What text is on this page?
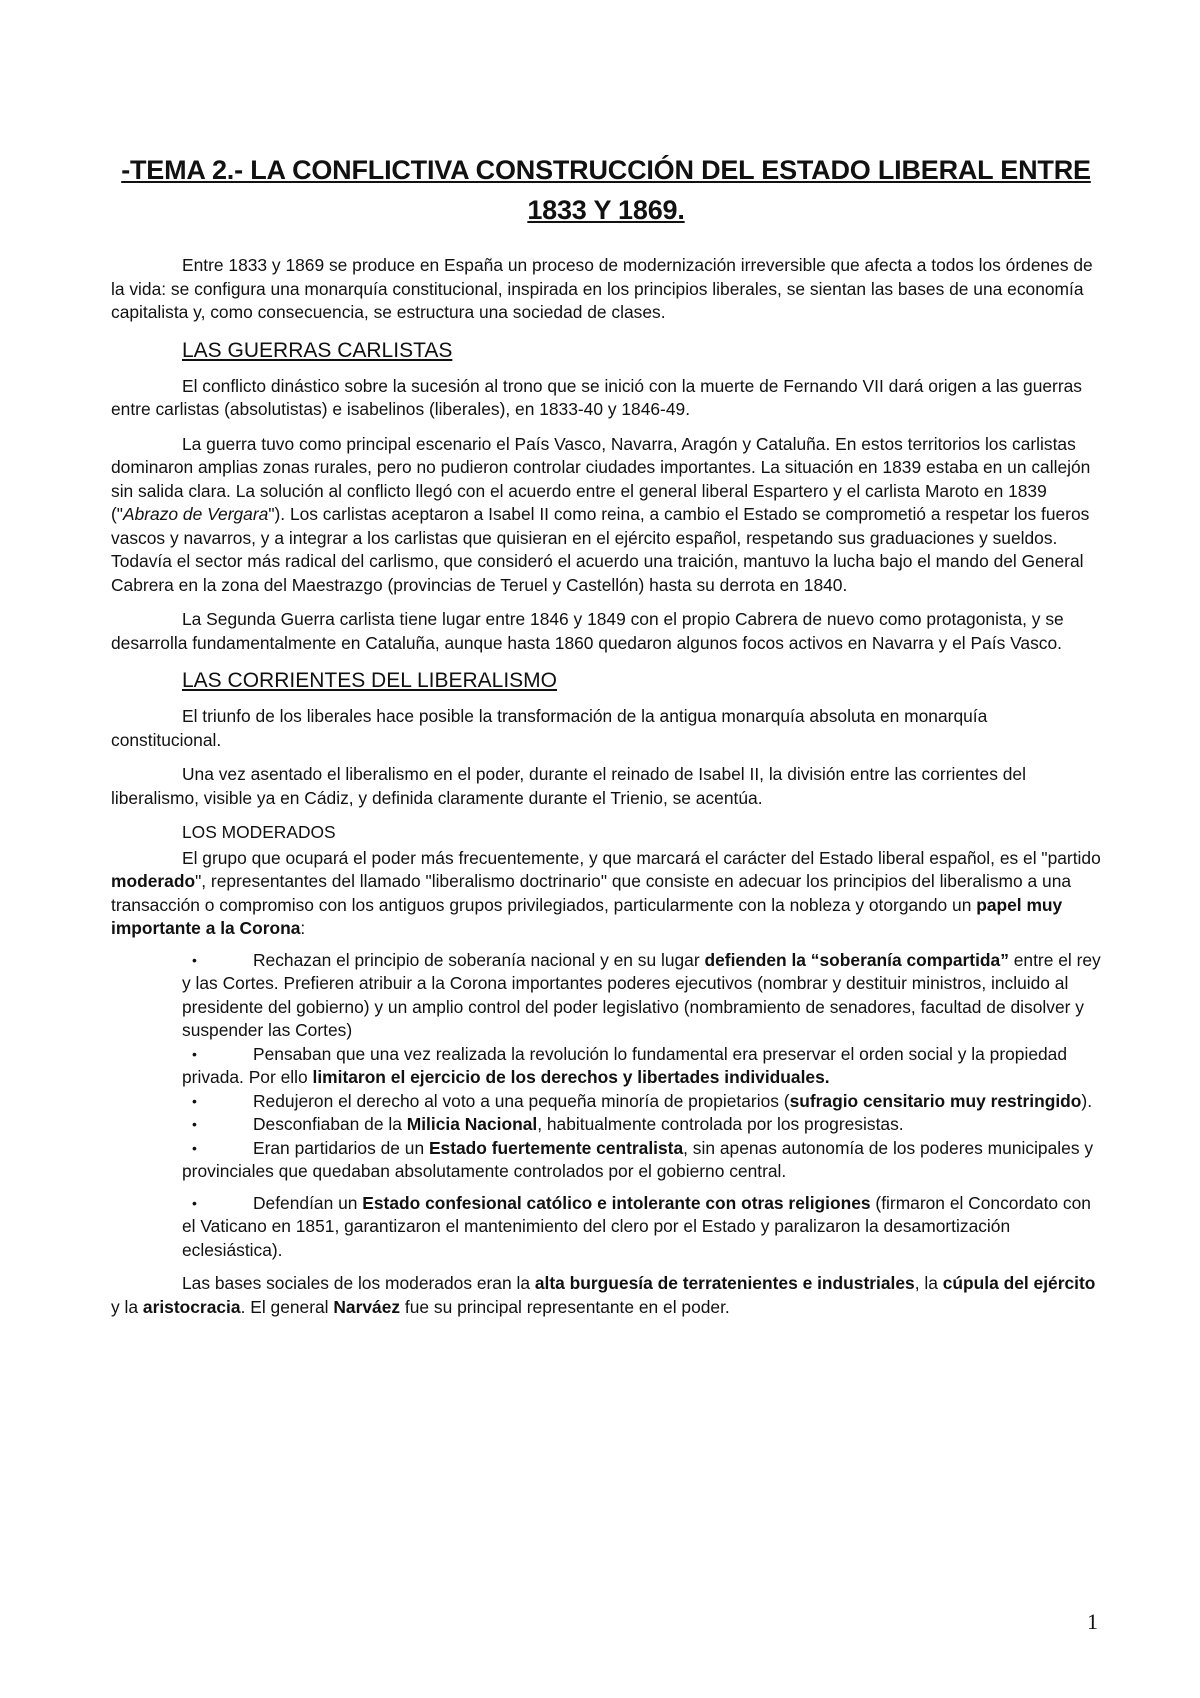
-TEMA 2.- LA CONFLICTIVA CONSTRUCCIÓN DEL ESTADO LIBERAL ENTRE 1833 Y 1869.

Entre 1833 y 1869 se produce en España un proceso de modernización irreversible que afecta a todos los órdenes de la vida: se configura una monarquía constitucional, inspirada en los principios liberales, se sientan las bases de una economía capitalista y, como consecuencia, se estructura una sociedad de clases.

LAS GUERRAS CARLISTAS

El conflicto dinástico sobre la sucesión al trono que se inició con la muerte de Fernando VII dará origen a las guerras entre carlistas (absolutistas) e isabelinos (liberales), en 1833-40 y 1846-49.

La guerra tuvo como principal escenario el País Vasco, Navarra, Aragón y Cataluña. En estos territorios los carlistas dominaron amplias zonas rurales, pero no pudieron controlar ciudades importantes. La situación en 1839 estaba en un callejón sin salida clara. La solución al conflicto llegó con el acuerdo entre el general liberal Espartero y el carlista Maroto en 1839 ("Abrazo de Vergara"). Los carlistas aceptaron a Isabel II como reina, a cambio el Estado se comprometió a respetar los fueros vascos y navarros, y a integrar a los carlistas que quisieran en el ejército español, respetando sus graduaciones y sueldos. Todavía el sector más radical del carlismo, que consideró el acuerdo una traición, mantuvo la lucha bajo el mando del General Cabrera en la zona del Maestrazgo (provincias de Teruel y Castellón) hasta su derrota en 1840.

La Segunda Guerra carlista tiene lugar entre 1846 y 1849 con el propio Cabrera de nuevo como protagonista, y se desarrolla fundamentalmente en Cataluña, aunque hasta 1860 quedaron algunos focos activos en Navarra y el País Vasco.

LAS CORRIENTES DEL LIBERALISMO

El triunfo de los liberales hace posible la transformación de la antigua monarquía absoluta en monarquía constitucional.

Una vez asentado el liberalismo en el poder, durante el reinado de Isabel II, la división entre las corrientes del liberalismo, visible ya en Cádiz, y definida claramente durante el Trienio, se acentúa.

LOS MODERADOS

El grupo que ocupará el poder más frecuentemente, y que marcará el carácter del Estado liberal español, es el "partido moderado", representantes del llamado "liberalismo doctrinario" que consiste en adecuar los principios del liberalismo a una transacción o compromiso con los antiguos grupos privilegiados, particularmente con la nobleza y otorgando un papel muy importante a la Corona:

•	Rechazan el principio de soberanía nacional y en su lugar defienden la “soberanía compartida” entre el rey y las Cortes. Prefieren atribuir a la Corona importantes poderes ejecutivos (nombrar y destituir ministros, incluido al presidente del gobierno) y un amplio control del poder legislativo (nombramiento de senadores, facultad de disolver y suspender las Cortes)
•	Pensaban que una vez realizada la revolución lo fundamental era preservar el orden social y la propiedad privada. Por ello limitaron el ejercicio de los derechos y libertades individuales.
•	Redujeron el derecho al voto a una pequeña minoría de propietarios (sufragio censitario muy restringido).
•	Desconfiaban de la Milicia Nacional, habitualmente controlada por los progresistas.
•	Eran partidarios de un Estado fuertemente centralista, sin apenas autonomía de los poderes municipales y provinciales que quedaban absolutamente controlados por el gobierno central.
•	Defendían un Estado confesional católico e intolerante con otras religiones (firmaron el Concordato con el Vaticano en 1851, garantizaron el mantenimiento del clero por el Estado y paralizaron la desamortización eclesiástica).

Las bases sociales de los moderados eran la alta burguesía de terratenientes e industriales, la cúpula del ejército y la aristocracia. El general Narváez fue su principal representante en el poder.

1
